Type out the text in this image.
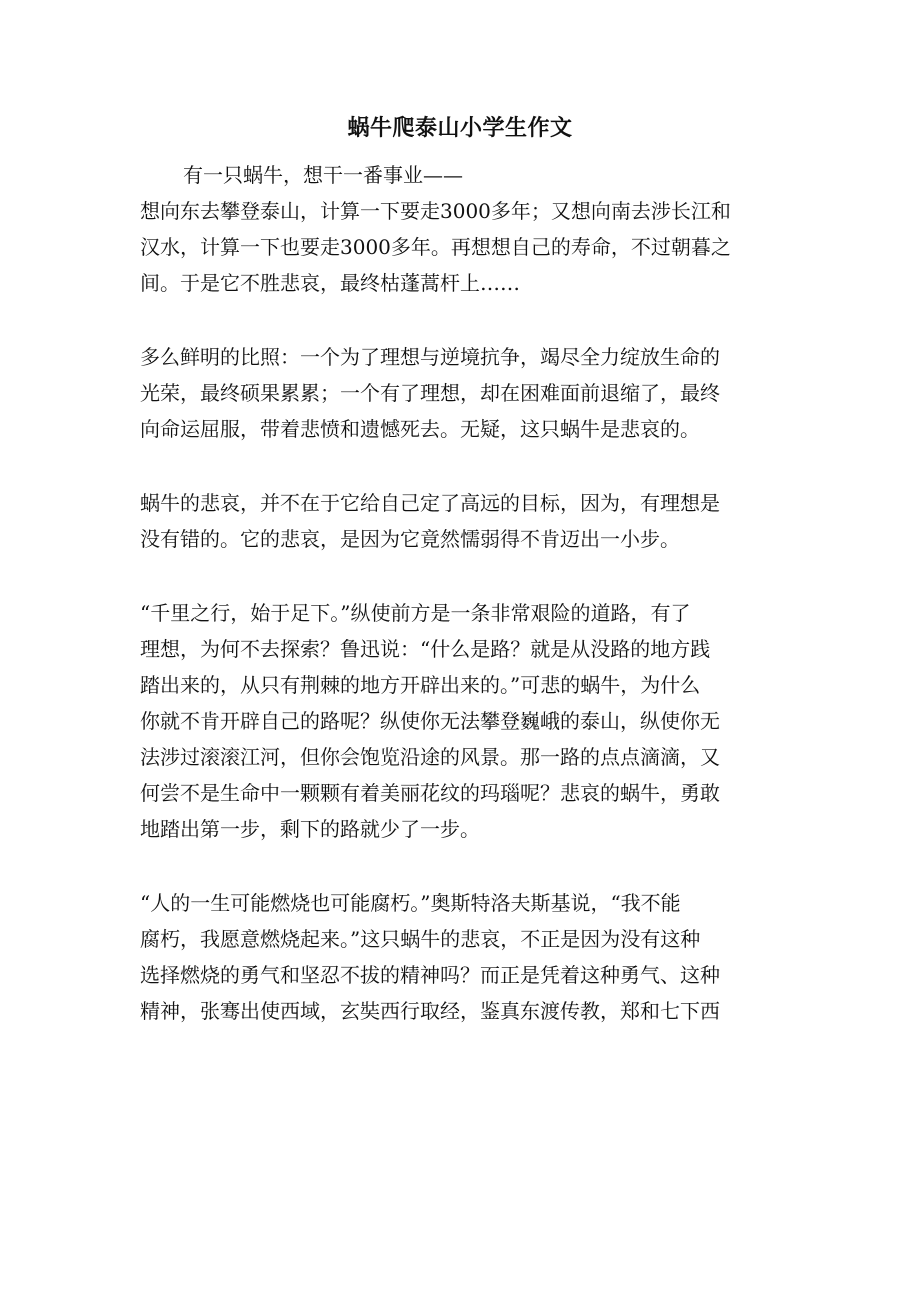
蜗牛爬泰山小学生作文
有一只蜗牛，想干一番事业——
想向东去攀登泰山，计算一下要走3000多年；又想向南去涉长江和
汉水，计算一下也要走3000多年。再想想自己的寿命，不过朝暮之
间。于是它不胜悲哀，最终枯蓬蒿杆上……
多么鲜明的比照：一个为了理想与逆境抗争，竭尽全力绽放生命的
光荣，最终硕果累累；一个有了理想，却在困难面前退缩了，最终
向命运屈服，带着悲愤和遗憾死去。无疑，这只蜗牛是悲哀的。
蜗牛的悲哀，并不在于它给自己定了高远的目标，因为，有理想是
没有错的。它的悲哀，是因为它竟然懦弱得不肯迈出一小步。
“千里之行，始于足下。”纵使前方是一条非常艰险的道路，有了
理想，为何不去探索？鲁迅说：“什么是路？就是从没路的地方践
踏出来的，从只有荆棘的地方开辟出来的。”可悲的蜗牛，为什么
你就不肯开辟自己的路呢？纵使你无法攀登巍峨的泰山，纵使你无
法涉过滚滚江河，但你会饱览沿途的风景。那一路的点点滴滴，又
何尝不是生命中一颗颗有着美丽花纹的玛瑙呢？悲哀的蜗牛，勇敢
地踏出第一步，剩下的路就少了一步。
“人的一生可能燃烧也可能腐朽。”奥斯特洛夫斯基说，“我不能
腐朽，我愿意燃烧起来。”这只蜗牛的悲哀，不正是因为没有这种
选择燃烧的勇气和坚忍不拔的精神吗？而正是凭着这种勇气、这种
精神，张骞出使西域，玄奘西行取经，鉴真东渡传教，郑和七下西
